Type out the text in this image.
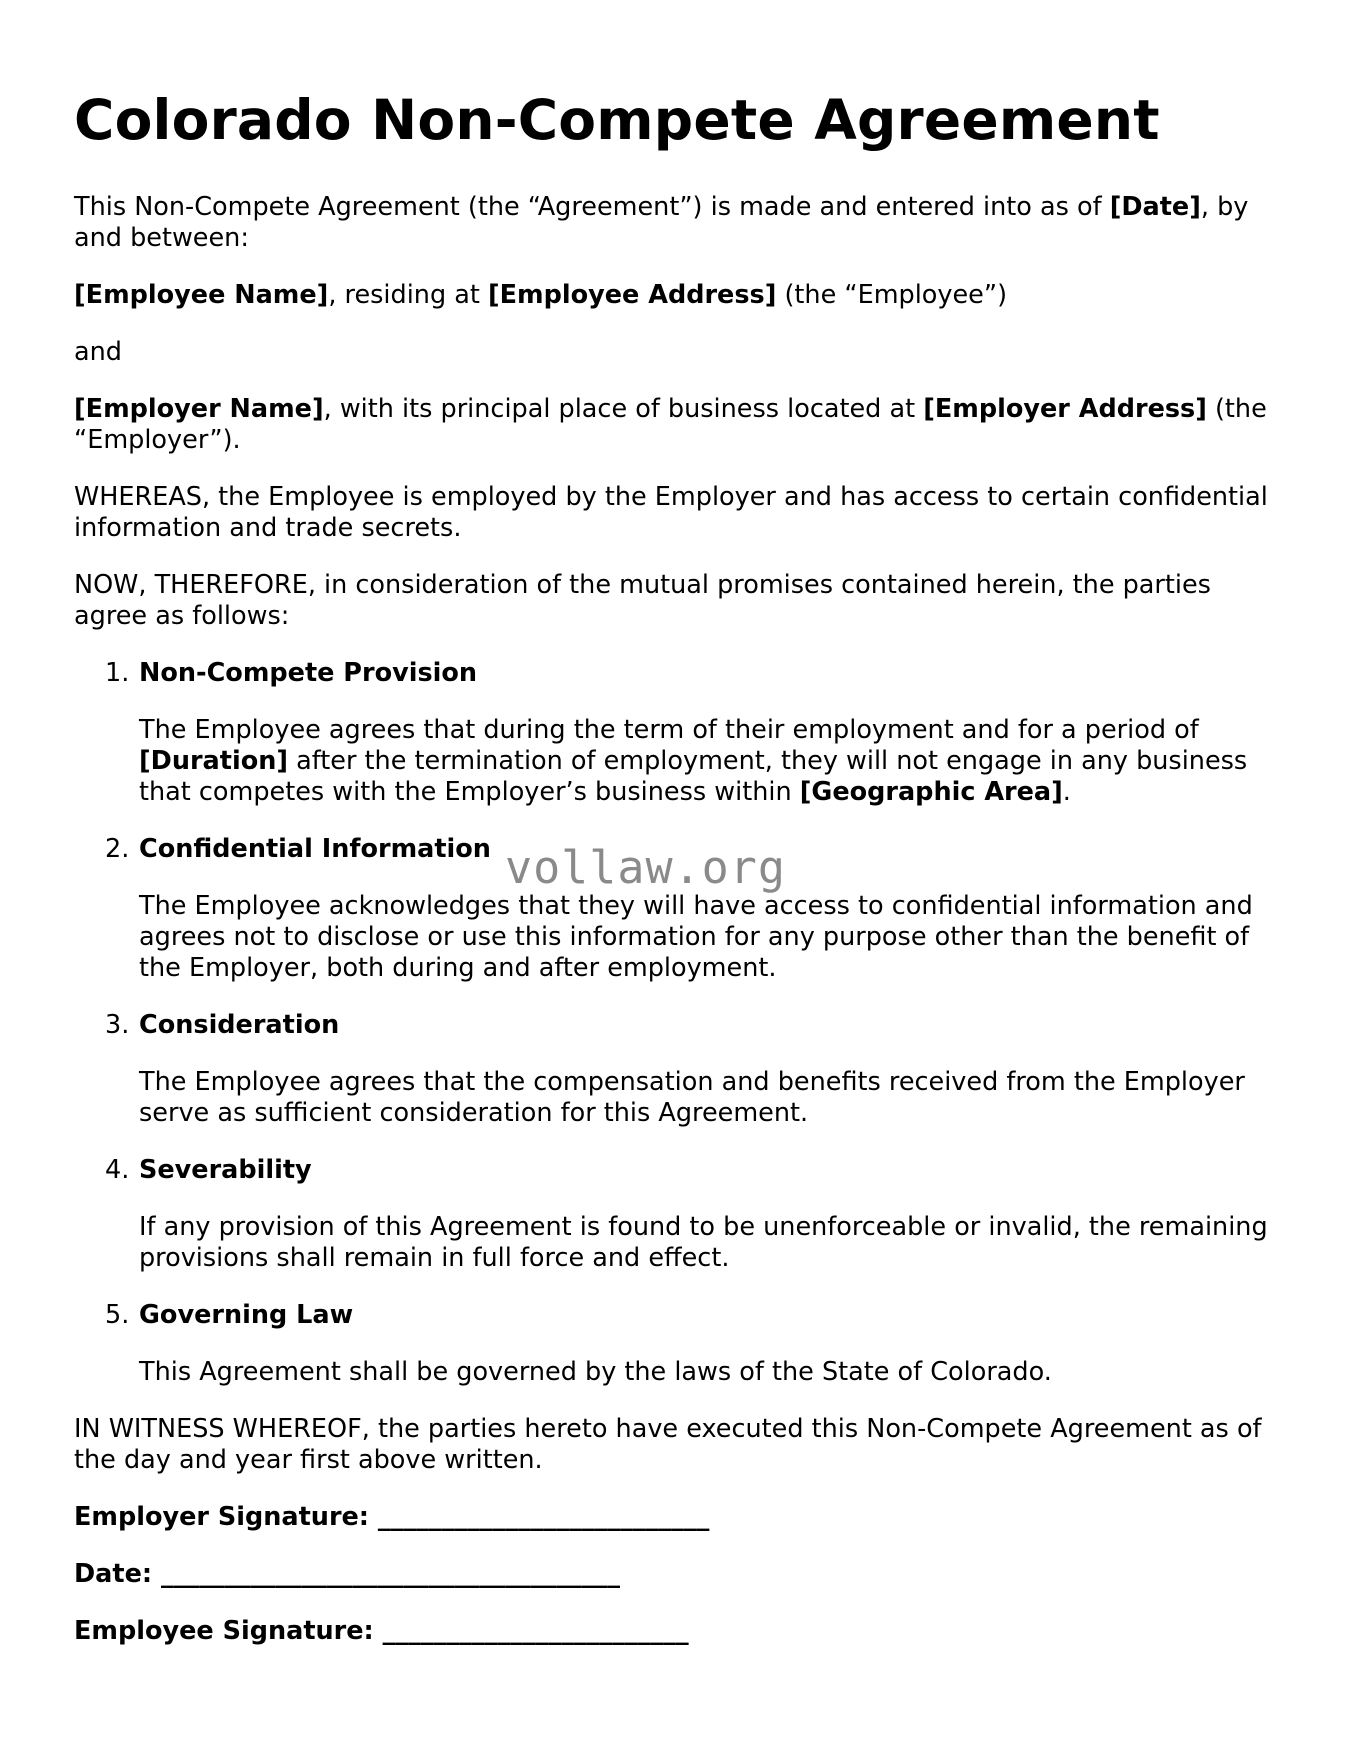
Colorado Non-Compete Agreement

This Non-Compete Agreement (the “Agreement”) is made and entered into as of [Date], by and between:

[Employee Name], residing at [Employee Address] (the “Employee”)

and

[Employer Name], with its principal place of business located at [Employer Address] (the “Employer”).

WHEREAS, the Employee is employed by the Employer and has access to certain confidential information and trade secrets.

NOW, THEREFORE, in consideration of the mutual promises contained herein, the parties agree as follows:

1. Non-Compete Provision

The Employee agrees that during the term of their employment and for a period of [Duration] after the termination of employment, they will not engage in any business that competes with the Employer’s business within [Geographic Area].

2. Confidential Information

The Employee acknowledges that they will have access to confidential information and agrees not to disclose or use this information for any purpose other than the benefit of the Employer, both during and after employment.

3. Consideration

The Employee agrees that the compensation and benefits received from the Employer serve as sufficient consideration for this Agreement.

4. Severability

If any provision of this Agreement is found to be unenforceable or invalid, the remaining provisions shall remain in full force and effect.

5. Governing Law

This Agreement shall be governed by the laws of the State of Colorado.

IN WITNESS WHEREOF, the parties hereto have executed this Non-Compete Agreement as of the day and year first above written.

Employer Signature: __________________________
Date: ____________________________________
Employee Signature: ________________________
vollaw.org
